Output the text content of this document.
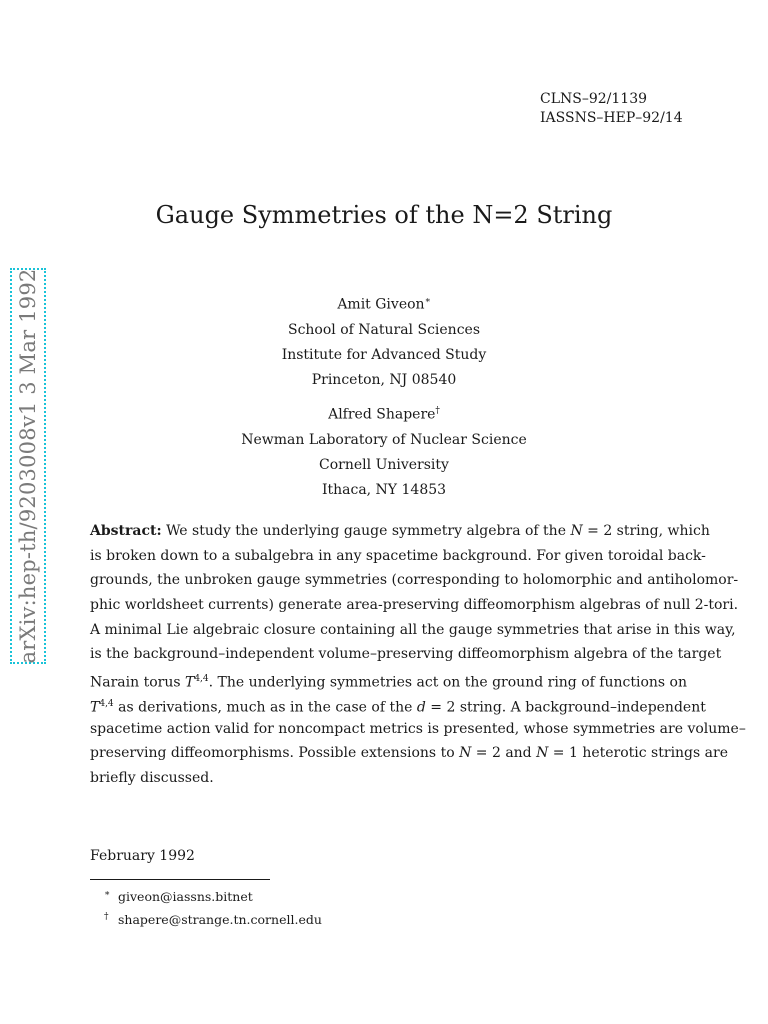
arXiv:hep-th/9203008v1 3 Mar 1992
CLNS–92/1139
IASSNS–HEP–92/14
Gauge Symmetries of the N=2 String
Amit Giveon∗
School of Natural Sciences
Institute for Advanced Study
Princeton, NJ 08540
Alfred Shapere†
Newman Laboratory of Nuclear Science
Cornell University
Ithaca, NY 14853
Abstract: We study the underlying gauge symmetry algebra of the N = 2 string, which
is broken down to a subalgebra in any spacetime background. For given toroidal back-
grounds, the unbroken gauge symmetries (corresponding to holomorphic and antiholomor-
phic worldsheet currents) generate area-preserving diffeomorphism algebras of null 2-tori.
A minimal Lie algebraic closure containing all the gauge symmetries that arise in this way,
is the background–independent volume–preserving diffeomorphism algebra of the target
Narain torus T$^{4,4}$. The underlying symmetries act on the ground ring of functions on
T$^{4,4}$ as derivations, much as in the case of the d = 2 string. A background–independent
spacetime action valid for noncompact metrics is presented, whose symmetries are volume–
preserving diffeomorphisms. Possible extensions to N = 2 and N = 1 heterotic strings are
briefly discussed.
February 1992
∗ giveon@iassns.bitnet
† shapere@strange.tn.cornell.edu
